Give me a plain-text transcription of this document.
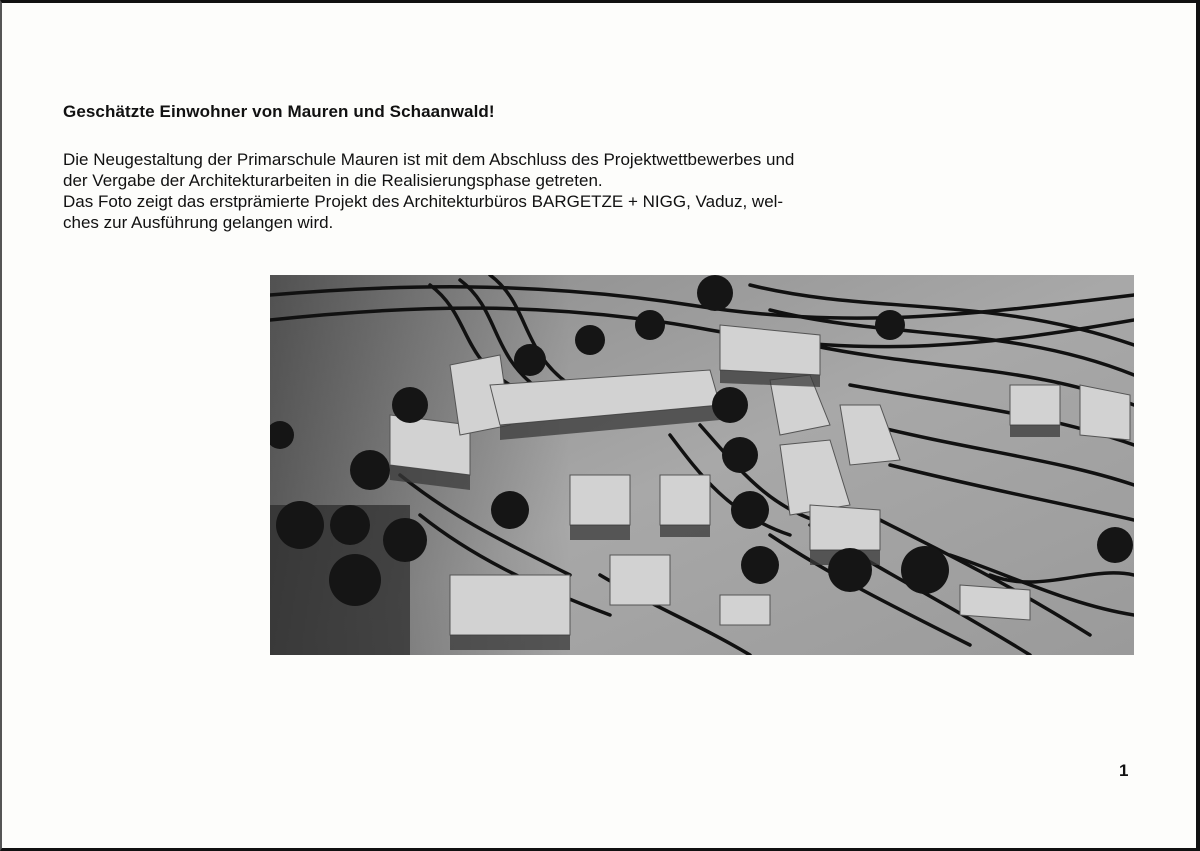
Geschätzte Einwohner von Mauren und Schaanwald!
Die Neugestaltung der Primarschule Mauren ist mit dem Abschluss des Projektwettbewerbes und
der Vergabe der Architekturarbeiten in die Realisierungsphase getreten.
Das Foto zeigt das erstprämierte Projekt des Architekturbüros BARGETZE + NIGG, Vaduz, wel-
ches zur Ausführung gelangen wird.
1
